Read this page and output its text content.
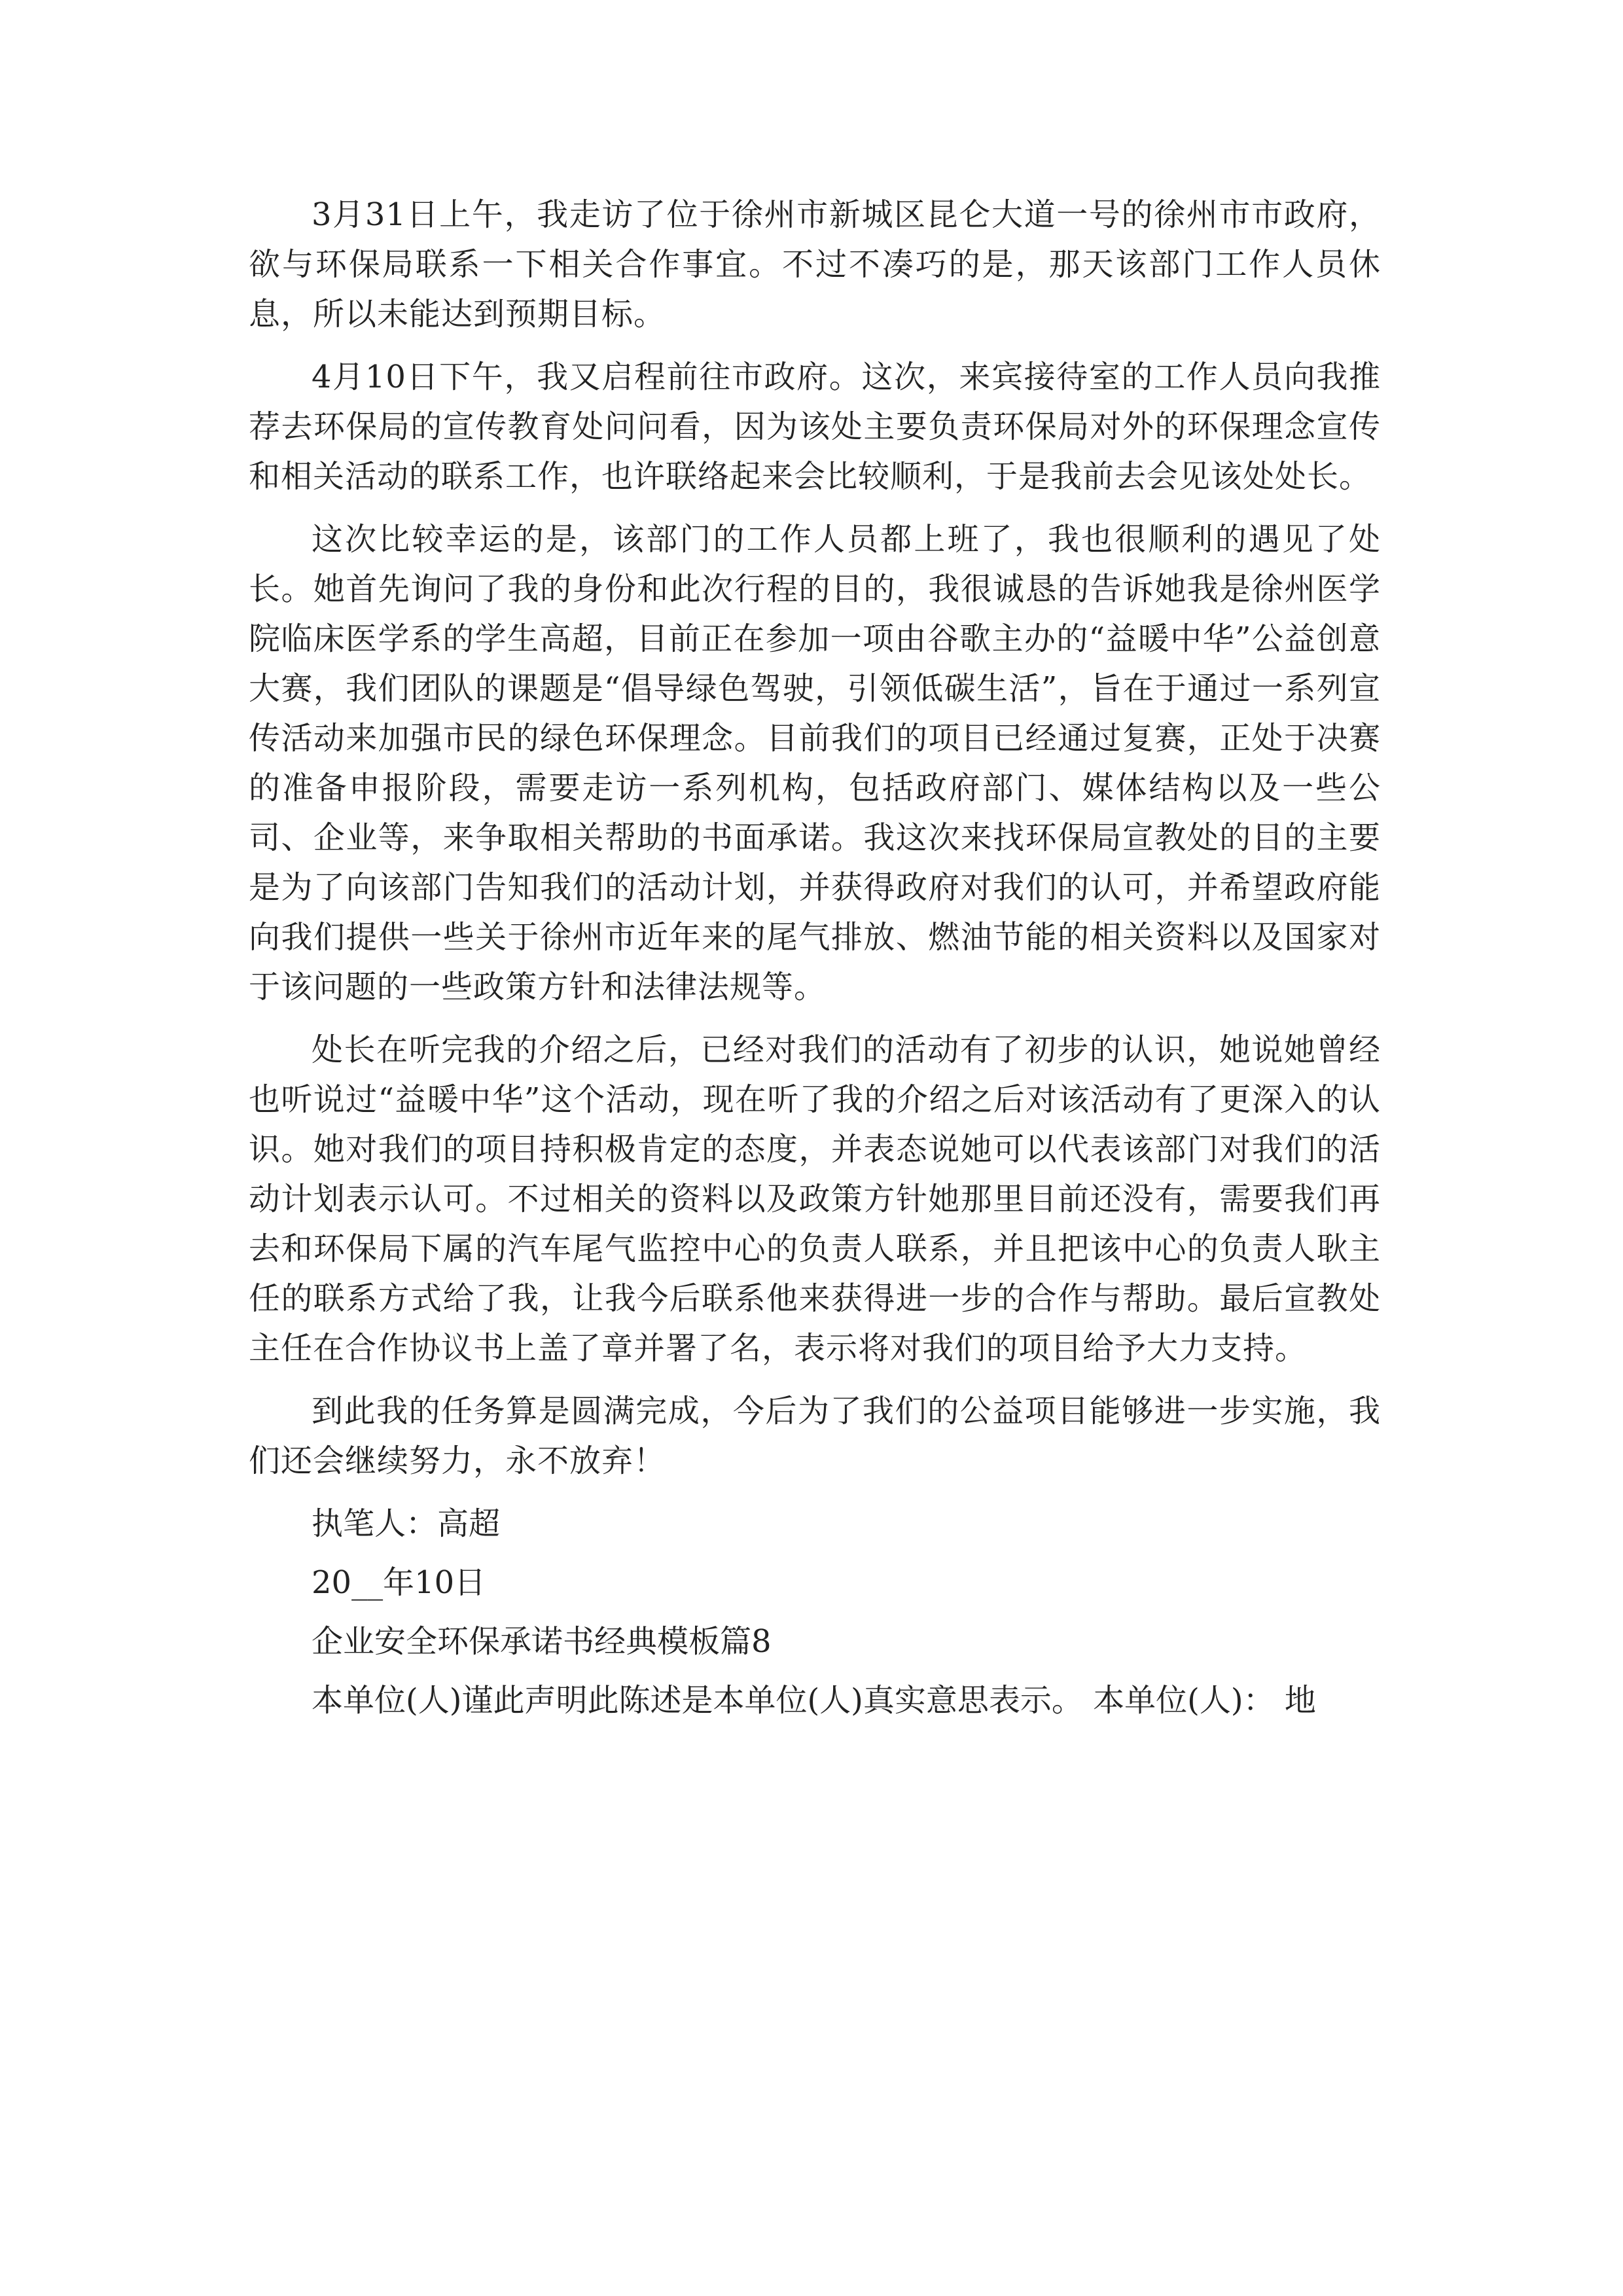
3月31日上午，我走访了位于徐州市新城区昆仑大道一号的徐州市市政府，欲与环保局联系一下相关合作事宜。不过不凑巧的是，那天该部门工作人员休息，所以未能达到预期目标。

4月10日下午，我又启程前往市政府。这次，来宾接待室的工作人员向我推荐去环保局的宣传教育处问问看，因为该处主要负责环保局对外的环保理念宣传和相关活动的联系工作，也许联络起来会比较顺利，于是我前去会见该处处长。

这次比较幸运的是，该部门的工作人员都上班了，我也很顺利的遇见了处长。她首先询问了我的身份和此次行程的目的，我很诚恳的告诉她我是徐州医学院临床医学系的学生高超，目前正在参加一项由谷歌主办的“益暖中华”公益创意大赛，我们团队的课题是“倡导绿色驾驶，引领低碳生活”，旨在于通过一系列宣传活动来加强市民的绿色环保理念。目前我们的项目已经通过复赛，正处于决赛的准备申报阶段，需要走访一系列机构，包括政府部门、媒体结构以及一些公司、企业等，来争取相关帮助的书面承诺。我这次来找环保局宣教处的目的主要是为了向该部门告知我们的活动计划，并获得政府对我们的认可，并希望政府能向我们提供一些关于徐州市近年来的尾气排放、燃油节能的相关资料以及国家对于该问题的一些政策方针和法律法规等。

处长在听完我的介绍之后，已经对我们的活动有了初步的认识，她说她曾经也听说过“益暖中华”这个活动，现在听了我的介绍之后对该活动有了更深入的认识。她对我们的项目持积极肯定的态度，并表态说她可以代表该部门对我们的活动计划表示认可。不过相关的资料以及政策方针她那里目前还没有，需要我们再去和环保局下属的汽车尾气监控中心的负责人联系，并且把该中心的负责人耿主任的联系方式给了我，让我今后联系他来获得进一步的合作与帮助。最后宣教处主任在合作协议书上盖了章并署了名，表示将对我们的项目给予大力支持。

到此我的任务算是圆满完成，今后为了我们的公益项目能够进一步实施，我们还会继续努力，永不放弃！

执笔人：高超

20__年10日

企业安全环保承诺书经典模板篇8

本单位(人)谨此声明此陈述是本单位(人)真实意思表示。 本单位(人)： 地
